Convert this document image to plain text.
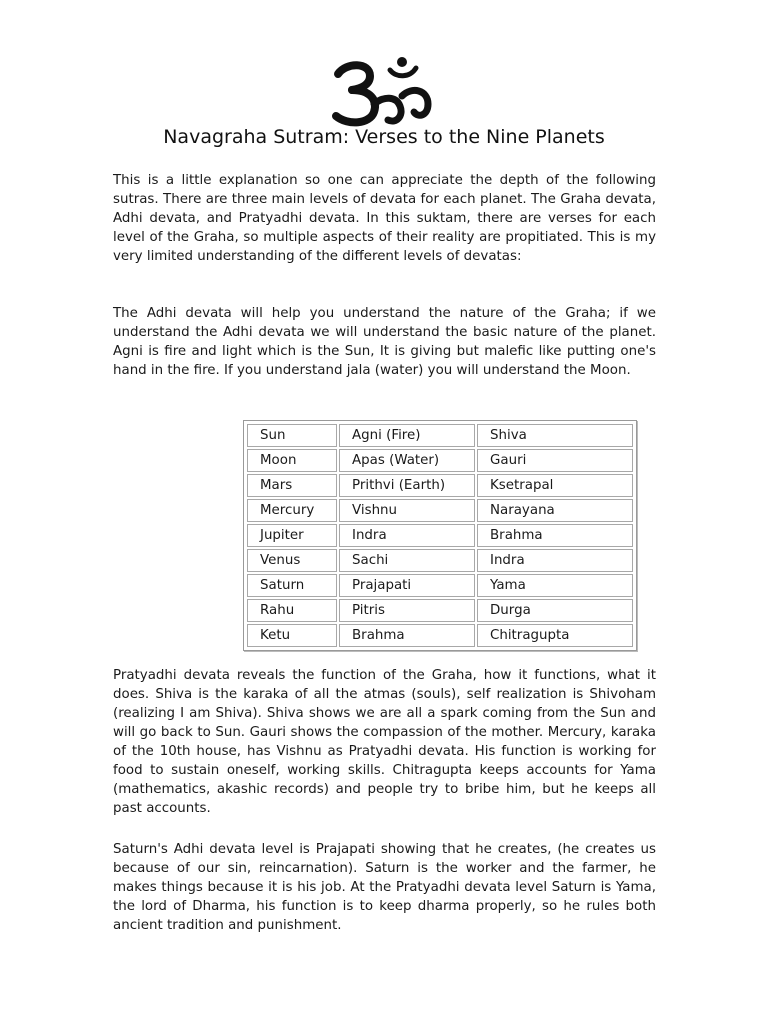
Navagraha Sutram: Verses to the Nine Planets

This is a little explanation so one can appreciate the depth of the following sutras. There are three main levels of devata for each planet. The Graha devata, Adhi devata, and Pratyadhi devata. In this suktam, there are verses for each level of the Graha, so multiple aspects of their reality are propitiated. This is my very limited understanding of the different levels of devatas:

The Adhi devata will help you understand the nature of the Graha; if we understand the Adhi devata we will understand the basic nature of the planet. Agni is fire and light which is the Sun, It is giving but malefic like putting one's hand in the fire. If you understand jala (water) you will understand the Moon.

Sun	Agni (Fire)	Shiva
Moon	Apas (Water)	Gauri
Mars	Prithvi (Earth)	Ksetrapal
Mercury	Vishnu	Narayana
Jupiter	Indra	Brahma
Venus	Sachi	Indra
Saturn	Prajapati	Yama
Rahu	Pitris	Durga
Ketu	Brahma	Chitragupta

Pratyadhi devata reveals the function of the Graha, how it functions, what it does. Shiva is the karaka of all the atmas (souls), self realization is Shivoham (realizing I am Shiva). Shiva shows we are all a spark coming from the Sun and will go back to Sun. Gauri shows the compassion of the mother. Mercury, karaka of the 10th house, has Vishnu as Pratyadhi devata. His function is working for food to sustain oneself, working skills. Chitragupta keeps accounts for Yama (mathematics, akashic records) and people try to bribe him, but he keeps all past accounts.

Saturn's Adhi devata level is Prajapati showing that he creates, (he creates us because of our sin, reincarnation). Saturn is the worker and the farmer, he makes things because it is his job. At the Pratyadhi devata level Saturn is Yama, the lord of Dharma, his function is to keep dharma properly, so he rules both ancient tradition and punishment.
